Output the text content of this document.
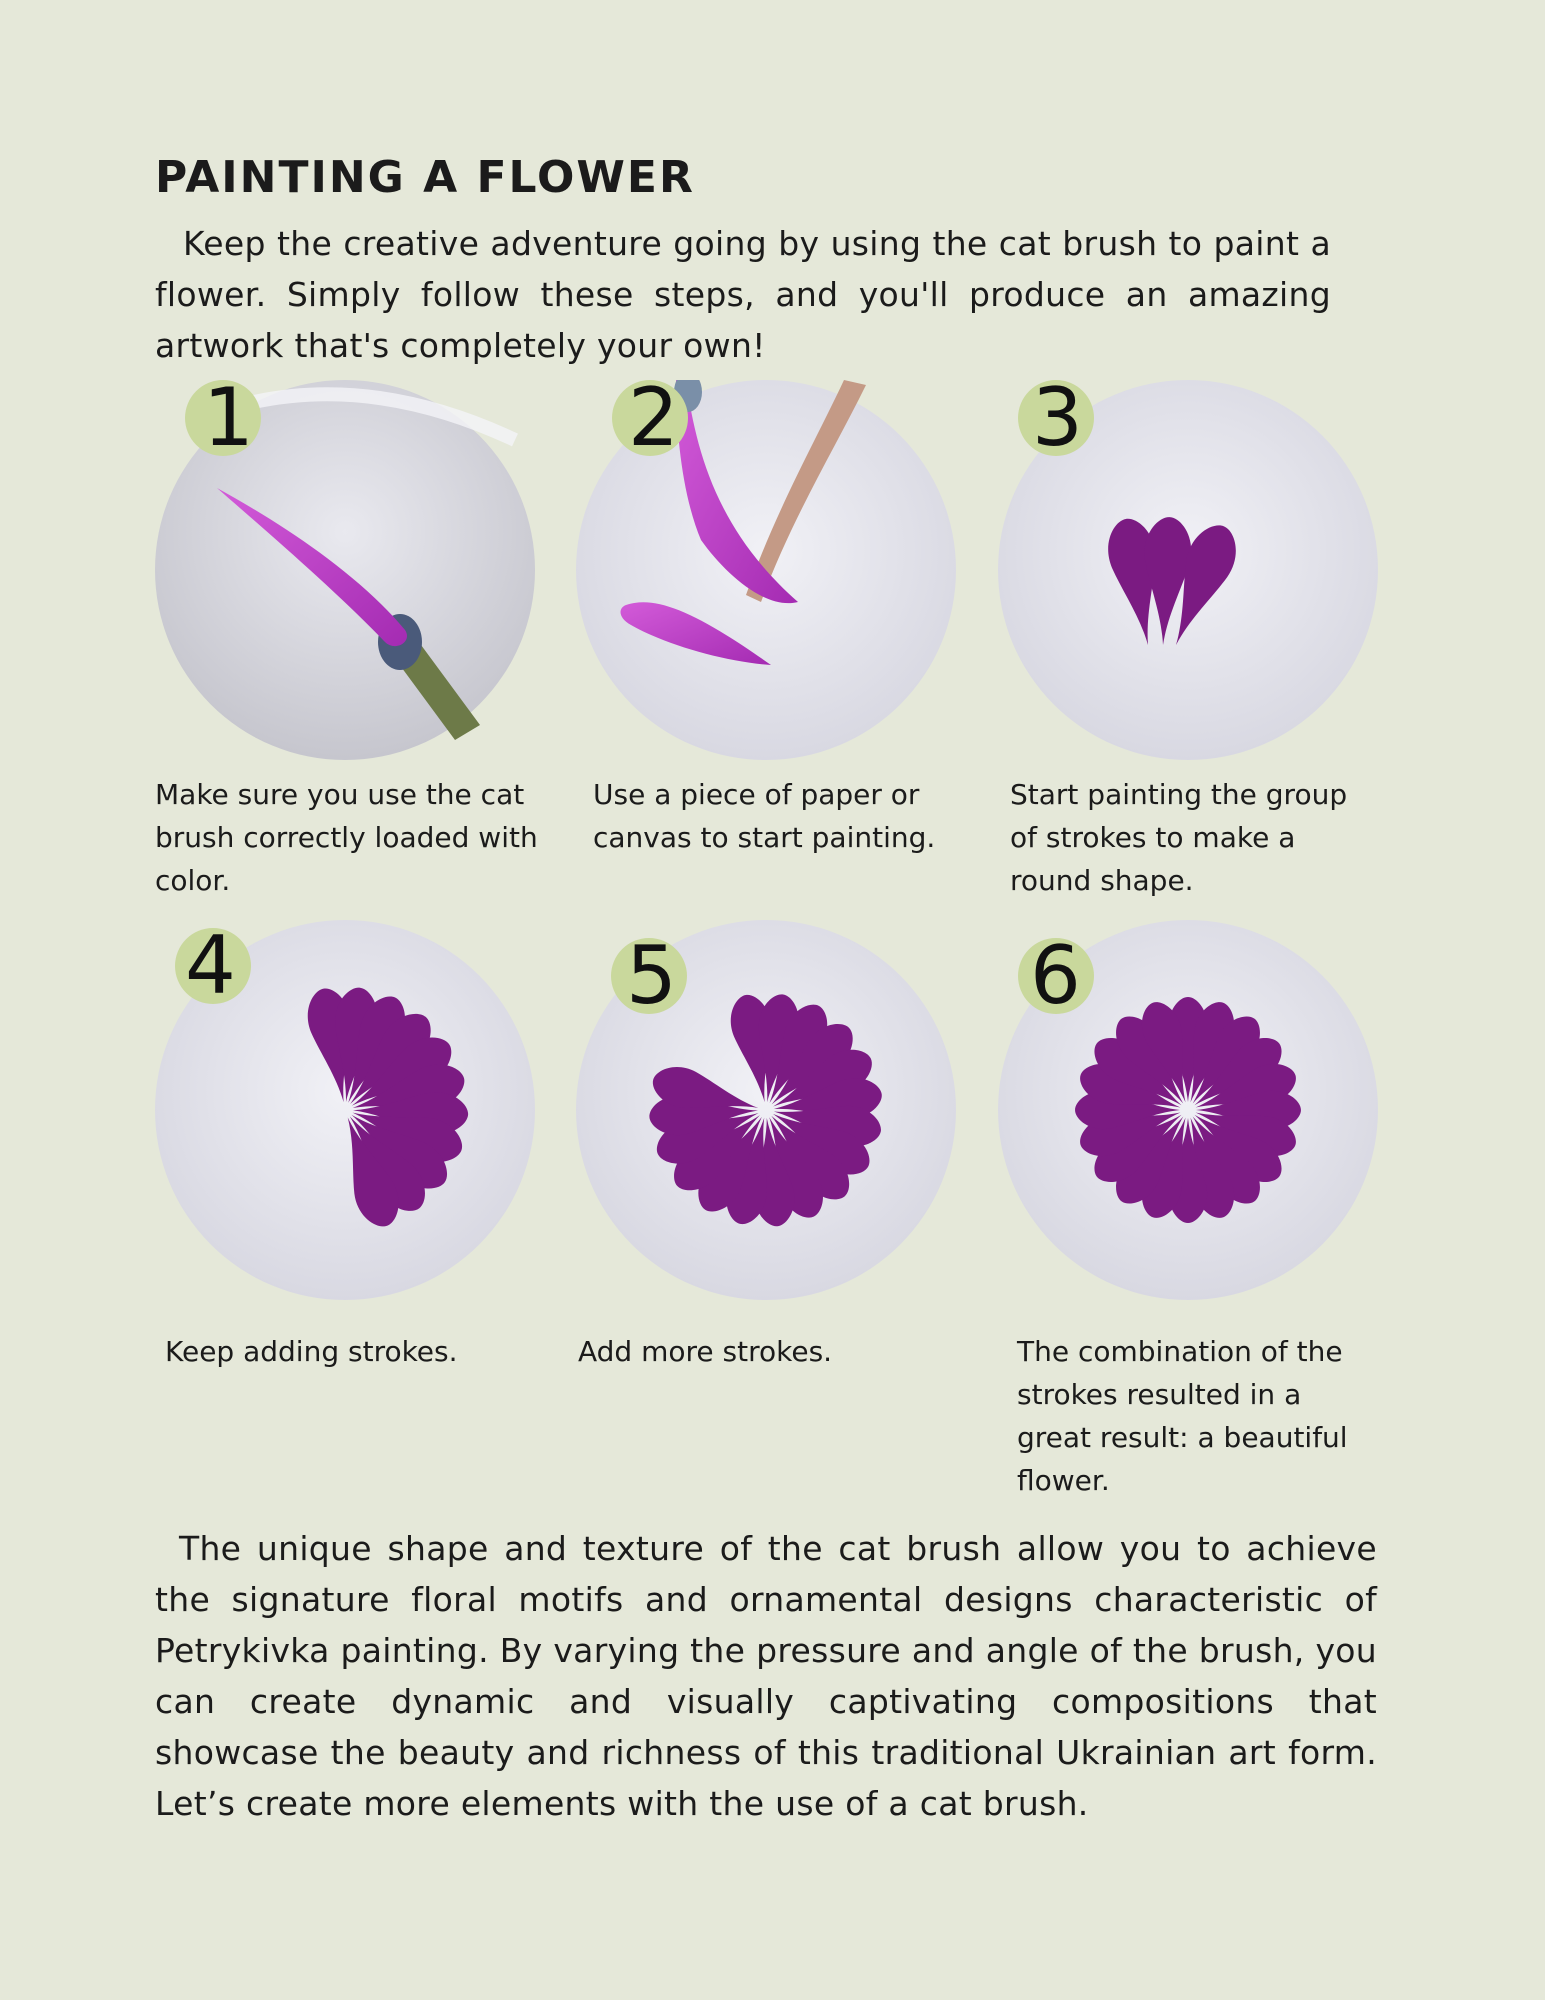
PAINTING A FLOWER

Keep the creative adventure going by using the cat brush to paint a flower. Simply follow these steps, and you'll produce an amazing artwork that's completely your own!

1

Make sure you use the cat brush correctly loaded with color.

2

Use a piece of paper or canvas to start painting.

3

Start painting the group of strokes to make a round shape.

4

Keep adding strokes.

5

Add more strokes.

6

The combination of the strokes resulted in a great result: a beautiful flower.

The unique shape and texture of the cat brush allow you to achieve the signature floral motifs and ornamental designs characteristic of Petrykivka painting. By varying the pressure and angle of the brush, you can create dynamic and visually captivating compositions that showcase the beauty and richness of this traditional Ukrainian art form. Let’s create more elements with the use of a cat brush.
